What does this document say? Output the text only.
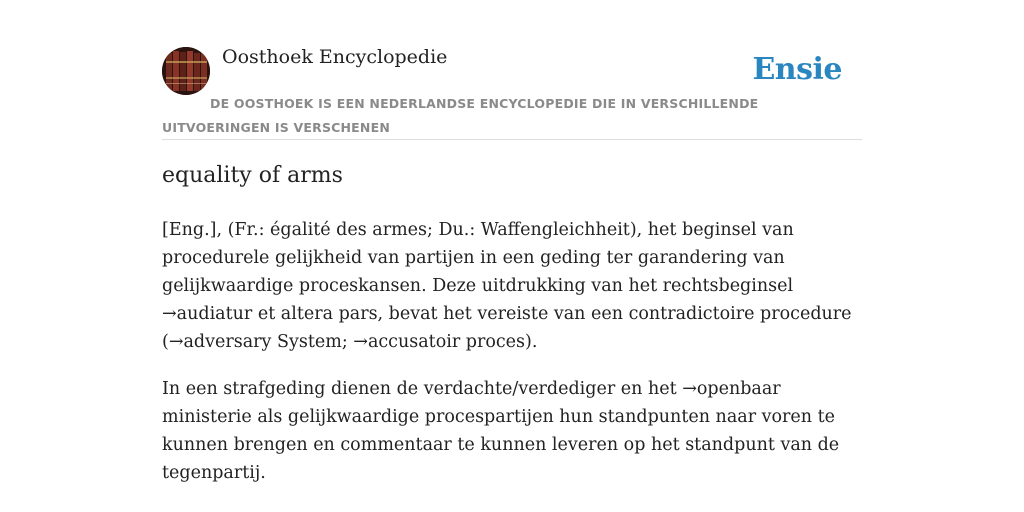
Oosthoek Encyclopedie	Ensie
DE OOSTHOEK IS EEN NEDERLANDSE ENCYCLOPEDIE DIE IN VERSCHILLENDE UITVOERINGEN IS VERSCHENEN
equality of arms

[Eng.], (Fr.: égalité des armes; Du.: Waffengleichheit), het beginsel van procedurele gelijkheid van partijen in een geding ter garandering van gelijkwaardige proceskansen. Deze uitdrukking van het rechtsbeginsel →audiatur et altera pars, bevat het vereiste van een contradictoire procedure (→adversary System; →accusatoir proces).

In een strafgeding dienen de verdachte/verdediger en het →openbaar ministerie als gelijkwaardige procespartijen hun standpunten naar voren te kunnen brengen en commentaar te kunnen leveren op het standpunt van de tegenpartij.
